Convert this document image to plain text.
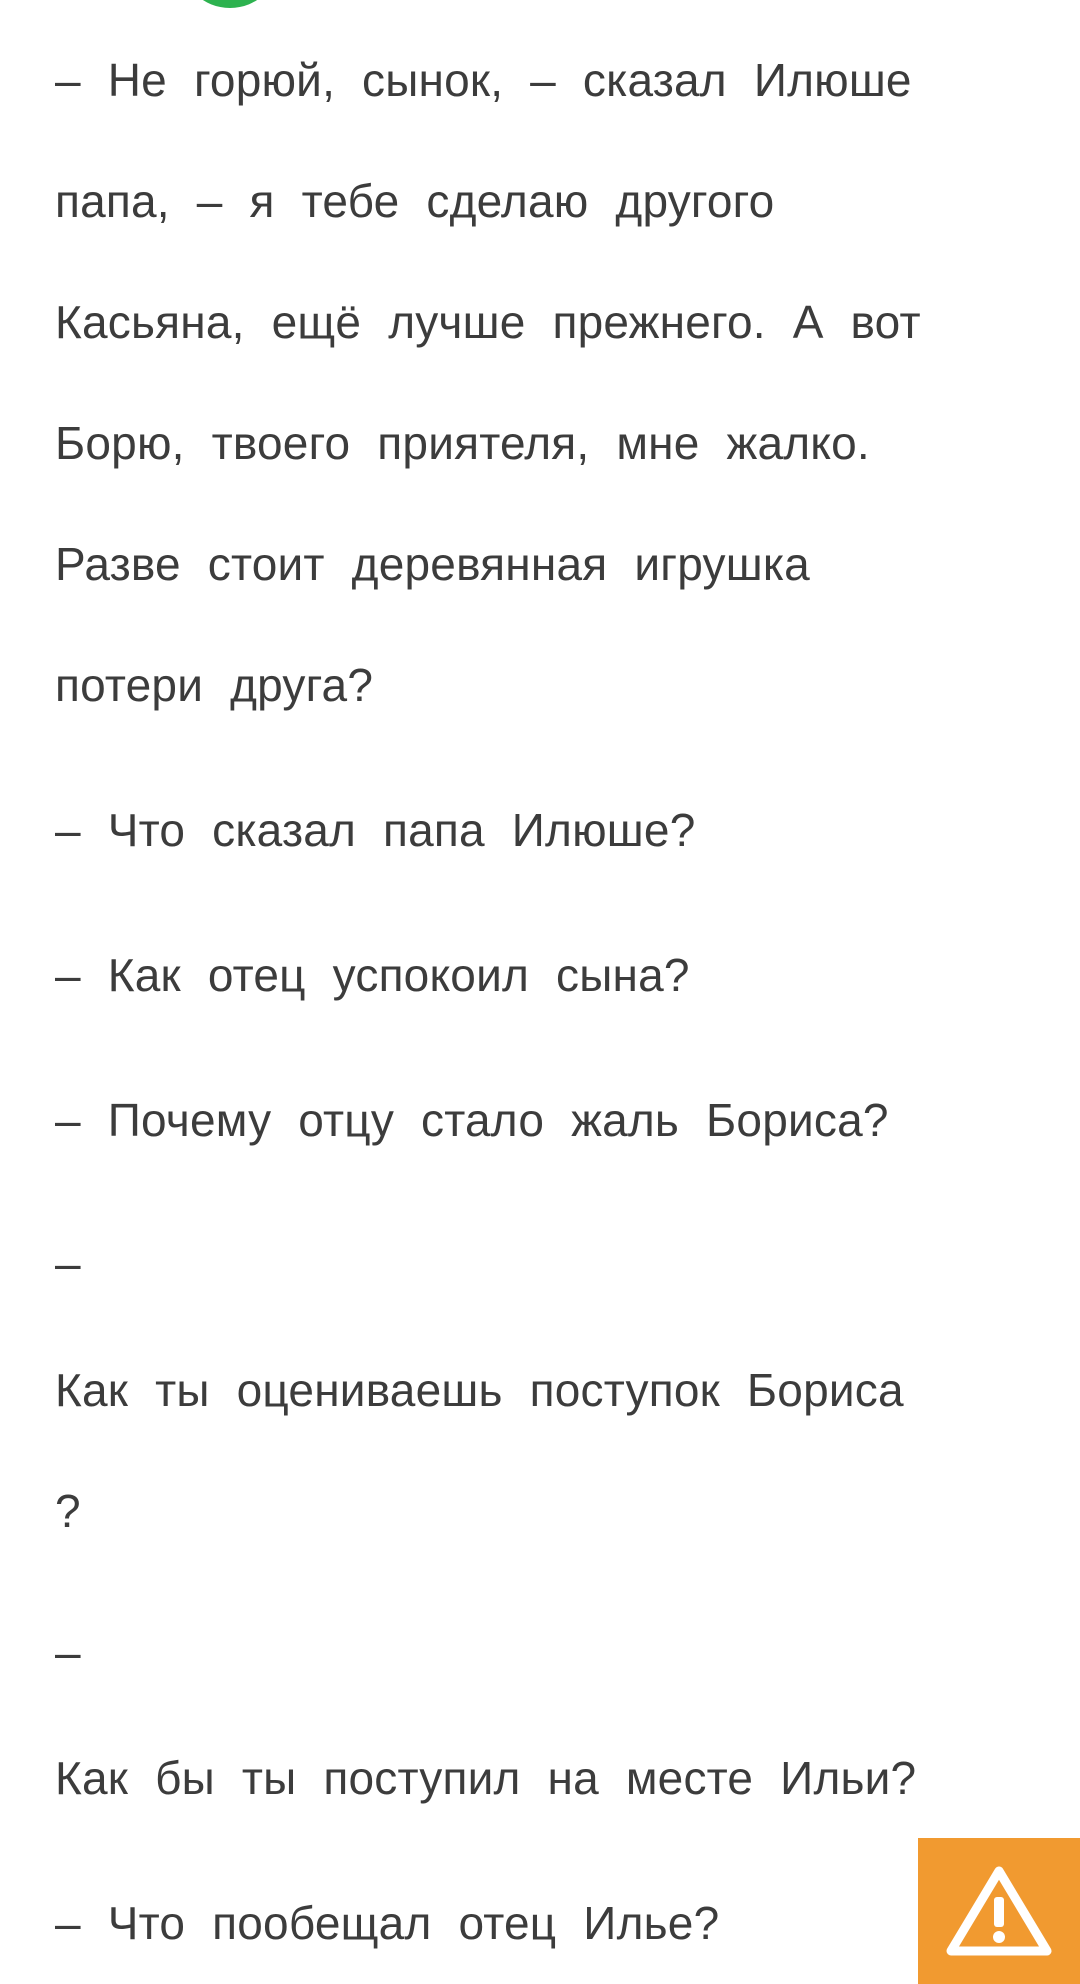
– Не горюй, сынок, – сказал Илюше
папа, – я тебе сделаю другого
Касьяна, ещё лучше прежнего. А вот
Борю, твоего приятеля, мне жалко.
Разве стоит деревянная игрушка
потери друга?
– Что сказал папа Илюше?
– Как отец успокоил сына?
– Почему отцу стало жаль Бориса?
–
Как ты оцениваешь поступок Бориса
?
–
Как бы ты поступил на месте Ильи?
– Что пообещал отец Илье?
